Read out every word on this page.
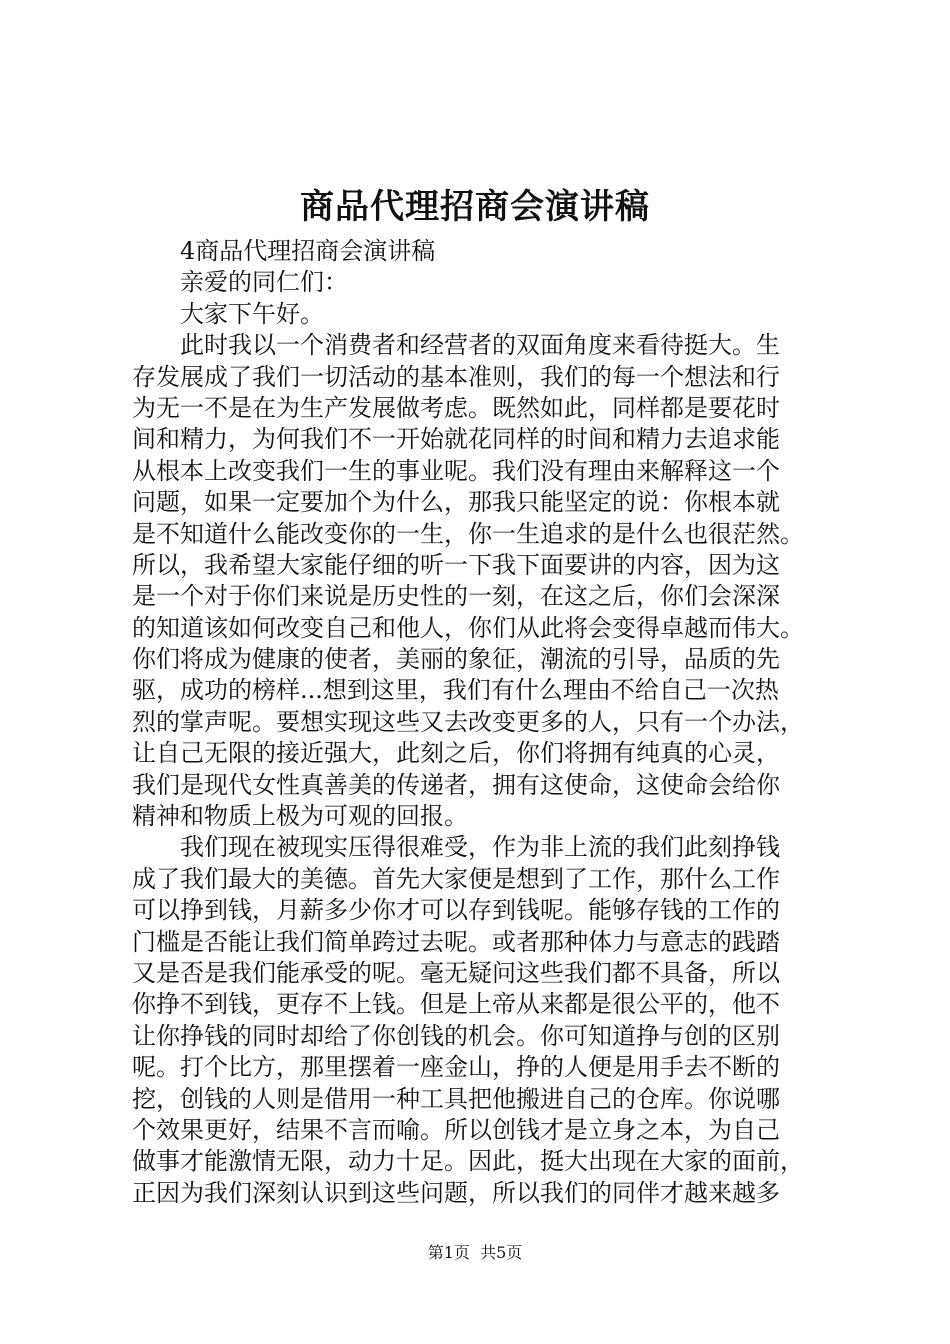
商品代理招商会演讲稿
4商品代理招商会演讲稿
亲爱的同仁们：
大家下午好。
此时我以一个消费者和经营者的双面角度来看待挺大。生
存发展成了我们一切活动的基本准则，我们的每一个想法和行
为无一不是在为生产发展做考虑。既然如此，同样都是要花时
间和精力，为何我们不一开始就花同样的时间和精力去追求能
从根本上改变我们一生的事业呢。我们没有理由来解释这一个
问题，如果一定要加个为什么，那我只能坚定的说：你根本就
是不知道什么能改变你的一生，你一生追求的是什么也很茫然。
所以，我希望大家能仔细的听一下我下面要讲的内容，因为这
是一个对于你们来说是历史性的一刻，在这之后，你们会深深
的知道该如何改变自己和他人，你们从此将会变得卓越而伟大。
你们将成为健康的使者，美丽的象征，潮流的引导，品质的先
驱，成功的榜样...想到这里，我们有什么理由不给自己一次热
烈的掌声呢。要想实现这些又去改变更多的人，只有一个办法，
让自己无限的接近强大，此刻之后，你们将拥有纯真的心灵，
我们是现代女性真善美的传递者，拥有这使命，这使命会给你
精神和物质上极为可观的回报。
我们现在被现实压得很难受，作为非上流的我们此刻挣钱
成了我们最大的美德。首先大家便是想到了工作，那什么工作
可以挣到钱，月薪多少你才可以存到钱呢。能够存钱的工作的
门槛是否能让我们简单跨过去呢。或者那种体力与意志的践踏
又是否是我们能承受的呢。毫无疑问这些我们都不具备，所以
你挣不到钱，更存不上钱。但是上帝从来都是很公平的，他不
让你挣钱的同时却给了你创钱的机会。你可知道挣与创的区别
呢。打个比方，那里摆着一座金山，挣的人便是用手去不断的
挖，创钱的人则是借用一种工具把他搬进自己的仓库。你说哪
个效果更好，结果不言而喻。所以创钱才是立身之本，为自己
做事才能激情无限，动力十足。因此，挺大出现在大家的面前，
正因为我们深刻认识到这些问题，所以我们的同伴才越来越多
第1页  共5页
